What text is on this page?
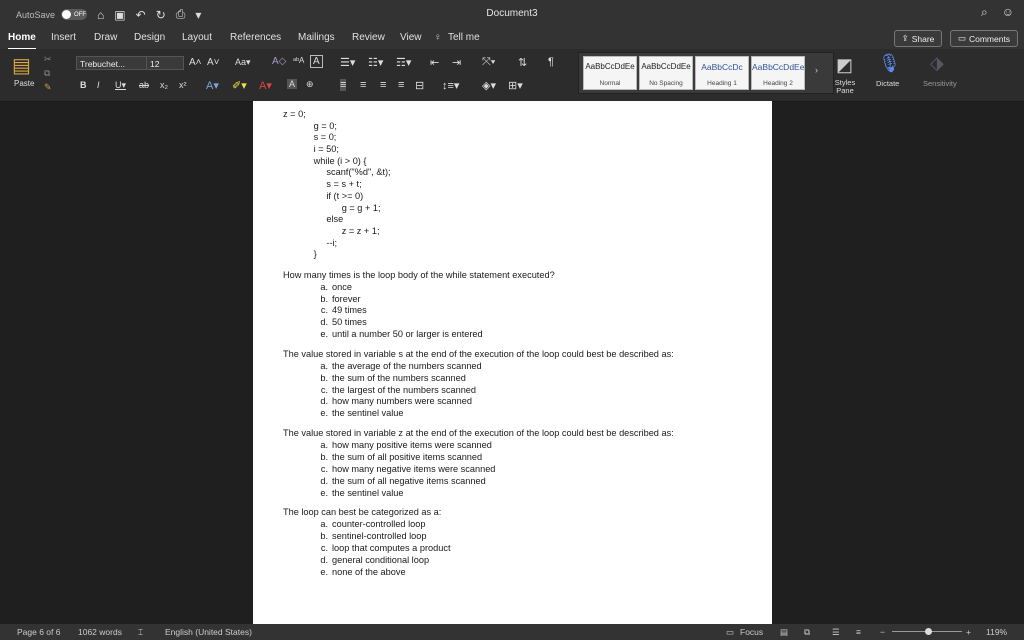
AutoSave	OFF ⌂ ▣ ↶ ↻ ⎙ ▾	Document3	⌕ ☺
Home Insert Draw Design Layout References Mailings Review View ♀ Tell me	⇪ Share	▭ Comments
▤
Paste
✂
⧉
✎
Trebuchet...	12	A˄ A˅ Aa▾ A◇ ᵃᵇA A
B I U▾ ab x₂ x² A▾ ✐▾ A▾ A ⊕
☰▾ ☷▾ ☶▾ ⇤ ⇥ ⤧▾ ⇅ ¶
≡ ≡ ≡ ≡ ⊟ ↕≡▾ ◈▾ ⊞▾
AaBbCcDdEe
Normal
AaBbCcDdEe
No Spacing
AaBbCcDc
Heading 1
AaBbCcDdEe
Heading 2
› ◩
Styles Pane
🎙
Dictate
⬗
Sensitivity
z = 0;
g = 0;
s = 0;
i = 50;
while (i > 0) {
scanf("%d", &t);
s = s + t;
if (t >= 0)
g = g + 1;
else
z = z + 1;
--i;
}
How many times is the loop body of the while statement executed?
a. once
b. forever
c. 49 times
d. 50 times
e. until a number 50 or larger is entered
The value stored in variable s at the end of the execution of the loop could best be described as:
a. the average of the numbers scanned
b. the sum of the numbers scanned
c. the largest of the numbers scanned
d. how many numbers were scanned
e. the sentinel value
The value stored in variable z at the end of the execution of the loop could best be described as:
a. how many positive items were scanned
b. the sum of all positive items scanned
c. how many negative items were scanned
d. the sum of all negative items scanned
e. the sentinel value
The loop can best be categorized as a:
a. counter-controlled loop
b. sentinel-controlled loop
c. loop that computes a product
d. general conditional loop
e. none of the above
Page 6 of 6 1062 words ⌶	English (United States)	▭ Focus ▤ ⧉	☰ ≡ −	+ 119%
